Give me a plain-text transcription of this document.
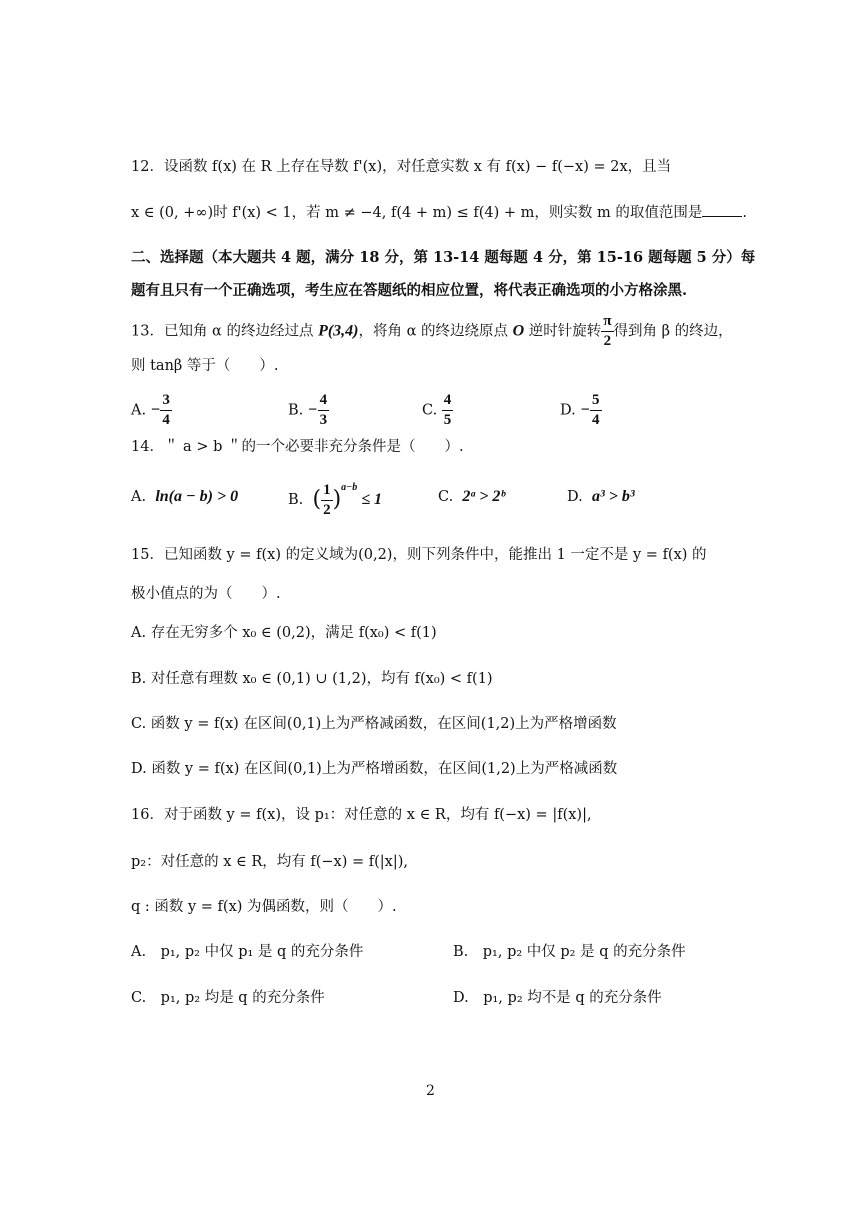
12．设函数 f(x) 在 R 上存在导数 f'(x)，对任意实数 x 有 f(x) − f(−x) = 2x，且当
x ∈ (0, +∞)时 f'(x) < 1，若 m ≠ −4, f(4 + m) ≤ f(4) + m，则实数 m 的取值范围是	.
二、选择题（本大题共 4 题，满分 18 分，第 13-14 题每题 4 分，第 15-16 题每题 5 分）每
题有且只有一个正确选项，考生应在答题纸的相应位置，将代表正确选项的小方格涂黑.
13．已知角 α 的终边经过点 P(3,4)，将角 α 的终边绕原点 O 逆时针旋转 $\frac{\pi}{2}$ 得到角 β 的终边，
则 tanβ 等于（　　）.
A. − $\frac{3}{4}$	B. − $\frac{4}{3}$	C. $\frac{4}{5}$	D. − $\frac{5}{4}$
14．＂ a > b ＂的一个必要非充分条件是（　　）.
A. ln(a − b) > 0	B. ( $\frac{1}{2} )^{a-b} \le 1$	C. 2ᵃ > 2ᵇ	D. a³ > b³
15．已知函数 y = f(x) 的定义域为(0,2)，则下列条件中，能推出 1 一定不是 y = f(x) 的
极小值点的为（　　）.
A. 存在无穷多个 x₀ ∈ (0,2)，满足 f(x₀) < f(1)
B. 对任意有理数 x₀ ∈ (0,1) ∪ (1,2)，均有 f(x₀) < f(1)
C. 函数 y = f(x) 在区间(0,1)上为严格减函数，在区间(1,2)上为严格增函数
D. 函数 y = f(x) 在区间(0,1)上为严格增函数，在区间(1,2)上为严格减函数
16．对于函数 y = f(x)，设 p₁：对任意的 x ∈ R，均有 f(−x) = |f(x)|,
p₂：对任意的 x ∈ R，均有 f(−x) = f(|x|),
q : 函数 y = f(x) 为偶函数，则（　　）.
A.　p₁, p₂ 中仅 p₁ 是 q 的充分条件	B.　p₁, p₂ 中仅 p₂ 是 q 的充分条件
C.　p₁, p₂ 均是 q 的充分条件	D.　p₁, p₂ 均不是 q 的充分条件
2
